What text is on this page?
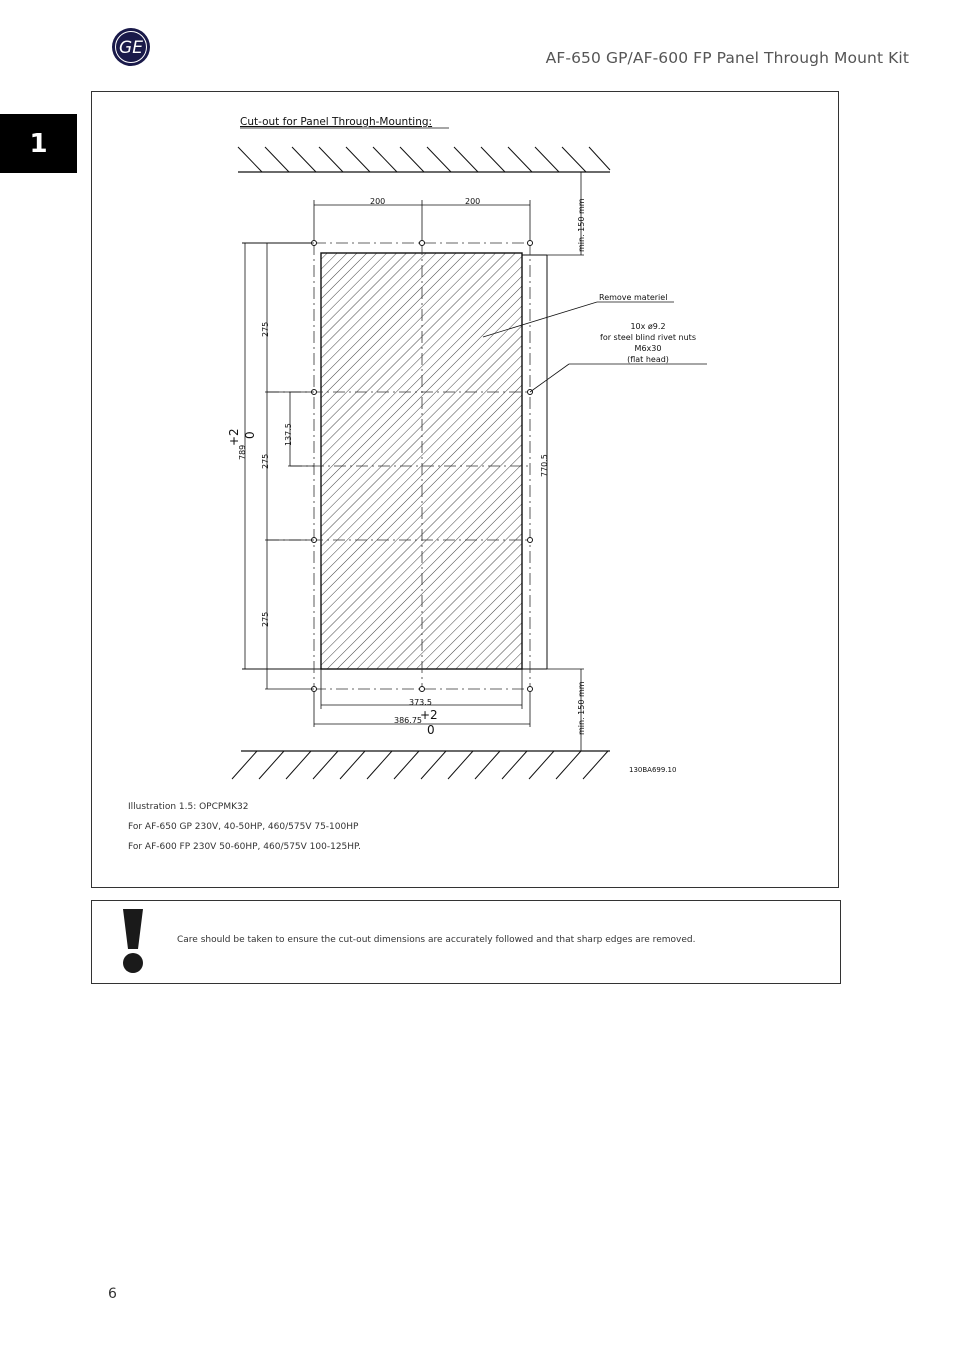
GE	AF-650 GP/AF-600 FP Panel Through Mount Kit
1
Cut-out for Panel Through-Mounting:
200	200	min. 150 mm
min. 150 mm
275
275
275
137.5
789
+2 0
770.5
373.5
386.75
+2
0
Remove materiel
10x ø9.2
for steel blind rivet nuts
M6x30
(flat head)
130BA699.10
Illustration 1.5: OPCPMK32
For AF-650 GP 230V, 40-50HP, 460/575V 75-100HP
For AF-600 FP 230V 50-60HP, 460/575V 100-125HP.
Care should be taken to ensure the cut-out dimensions are accurately followed and that sharp edges are removed.
6
